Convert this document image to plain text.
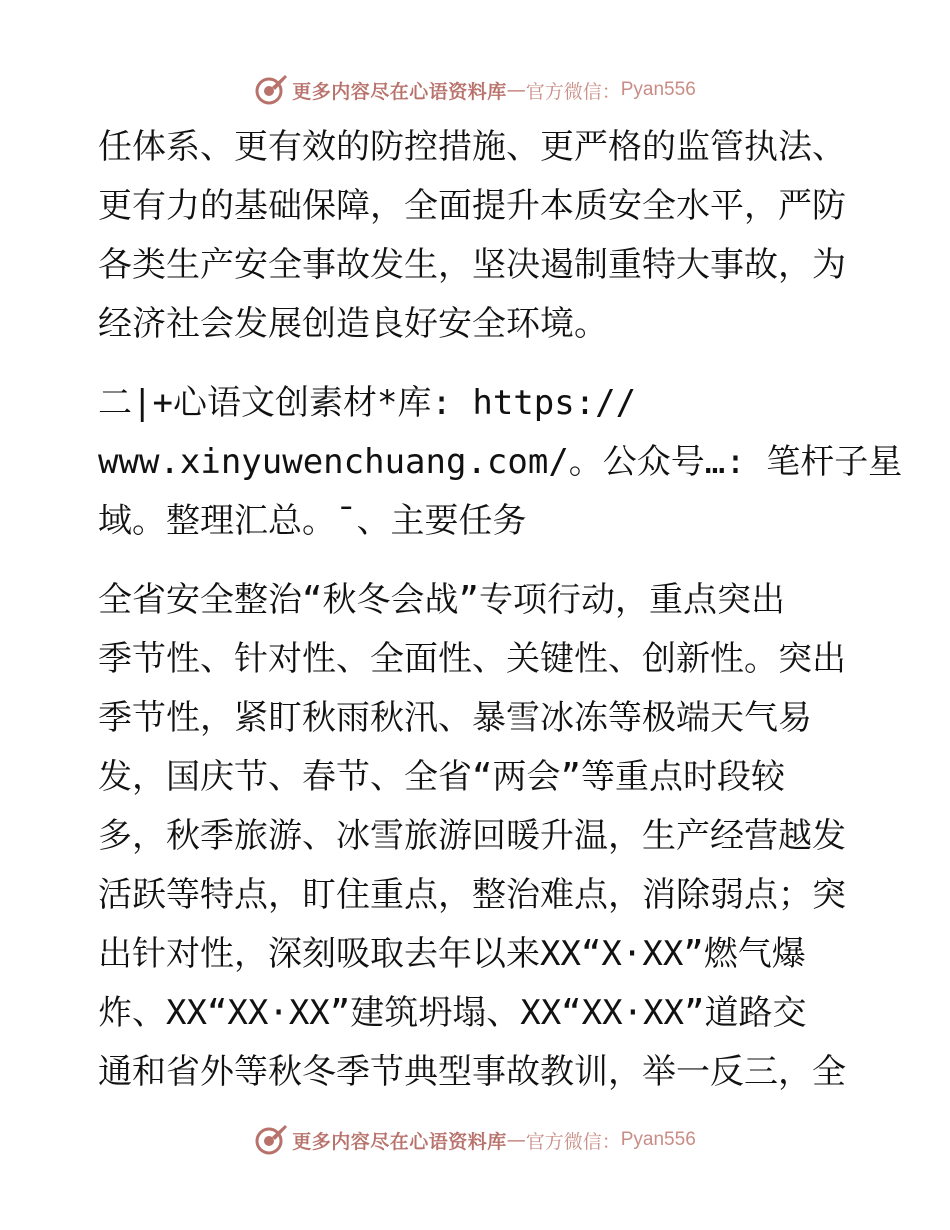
更多内容尽在心语资料库 — 官方微信： Pyan556
任体系、更有效的防控措施、更严格的监管执法、
更有力的基础保障，全面提升本质安全水平，严防
各类生产安全事故发生，坚决遏制重特大事故，为
经济社会发展创造良好安全环境。
二|+心语文创素材*库: https://
www.xinyuwenchuang.com/。公众号…: 笔杆子星
域。整理汇总。¯、主要任务
全省安全整治“秋冬会战”专项行动，重点突出
季节性、针对性、全面性、关键性、创新性。突出
季节性，紧盯秋雨秋汛、暴雪冰冻等极端天气易
发，国庆节、春节、全省“两会”等重点时段较
多，秋季旅游、冰雪旅游回暖升温，生产经营越发
活跃等特点，盯住重点，整治难点，消除弱点；突
出针对性，深刻吸取去年以来XX“X·XX”燃气爆
炸、XX“XX·XX”建筑坍塌、XX“XX·XX”道路交
通和省外等秋冬季节典型事故教训，举一反三，全
更多内容尽在心语资料库 — 官方微信： Pyan556
